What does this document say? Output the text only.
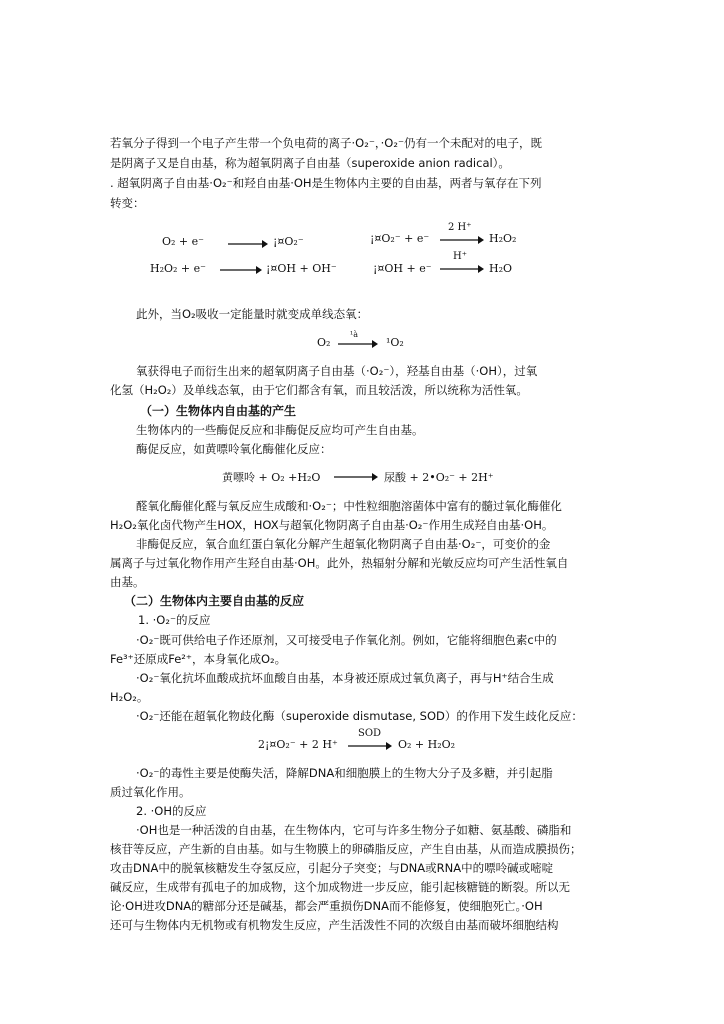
若氧分子得到一个电子产生带一个负电荷的离子·O₂⁻，·O₂⁻仍有一个未配对的电子，既
是阴离子又是自由基，称为超氧阴离子自由基（superoxide anion radical）。
. 超氧阴离子自由基·O₂⁻和羟自由基·OH是生物体内主要的自由基，两者与氧存在下列
转变：
O₂ + e⁻	¡¤O₂⁻	¡¤O₂⁻ + e⁻
2 H⁺
H₂O₂
H₂O₂ + e⁻	¡¤OH + OH⁻	¡¤OH + e⁻
H⁺
H₂O
此外，当O₂吸收一定能量时就变成单线态氧：
O₂
¹à
¹O₂
氧获得电子而衍生出来的超氧阴离子自由基（·O₂⁻），羟基自由基（·OH），过氧
化氢（H₂O₂）及单线态氧，由于它们都含有氧，而且较活泼，所以统称为活性氧。
（一）生物体内自由基的产生
生物体内的一些酶促反应和非酶促反应均可产生自由基。
酶促反应，如黄嘌呤氧化酶催化反应：
黄嘌呤 + O₂ +H₂O	尿酸 + 2•O₂⁻ + 2H⁺
醛氧化酶催化醛与氧反应生成酸和·O₂⁻；中性粒细胞溶菌体中富有的髓过氧化酶催化
H₂O₂氧化卤代物产生HOX，HOX与超氧化物阴离子自由基·O₂⁻作用生成羟自由基·OH。
非酶促反应，氧合血红蛋白氧化分解产生超氧化物阴离子自由基·O₂⁻，可变价的金
属离子与过氧化物作用产生羟自由基·OH。此外，热辐射分解和光敏反应均可产生活性氧自
由基。
（二）生物体内主要自由基的反应
1. ·O₂⁻的反应
·O₂⁻既可供给电子作还原剂，又可接受电子作氧化剂。例如，它能将细胞色素c中的
Fe³⁺还原成Fe²⁺，本身氧化成O₂。
·O₂⁻氧化抗坏血酸成抗坏血酸自由基，本身被还原成过氧负离子，再与H⁺结合生成
H₂O₂。
·O₂⁻还能在超氧化物歧化酶（superoxide dismutase, SOD）的作用下发生歧化反应：
2¡¤O₂⁻ + 2 H⁺
SOD
O₂ + H₂O₂
·O₂⁻的毒性主要是使酶失活，降解DNA和细胞膜上的生物大分子及多糖，并引起脂
质过氧化作用。
2. ·OH的反应
·OH也是一种活泼的自由基，在生物体内，它可与许多生物分子如糖、氨基酸、磷脂和
核苷等反应，产生新的自由基。如与生物膜上的卵磷脂反应，产生自由基，从而造成膜损伤；
攻击DNA中的脱氧核糖发生夺氢反应，引起分子突变；与DNA或RNA中的嘌呤碱或嘧啶
碱反应，生成带有孤电子的加成物，这个加成物进一步反应，能引起核糖链的断裂。所以无
论·OH进攻DNA的糖部分还是碱基，都会严重损伤DNA而不能修复，使细胞死亡。·OH
还可与生物体内无机物或有机物发生反应，产生活泼性不同的次级自由基而破坏细胞结构
